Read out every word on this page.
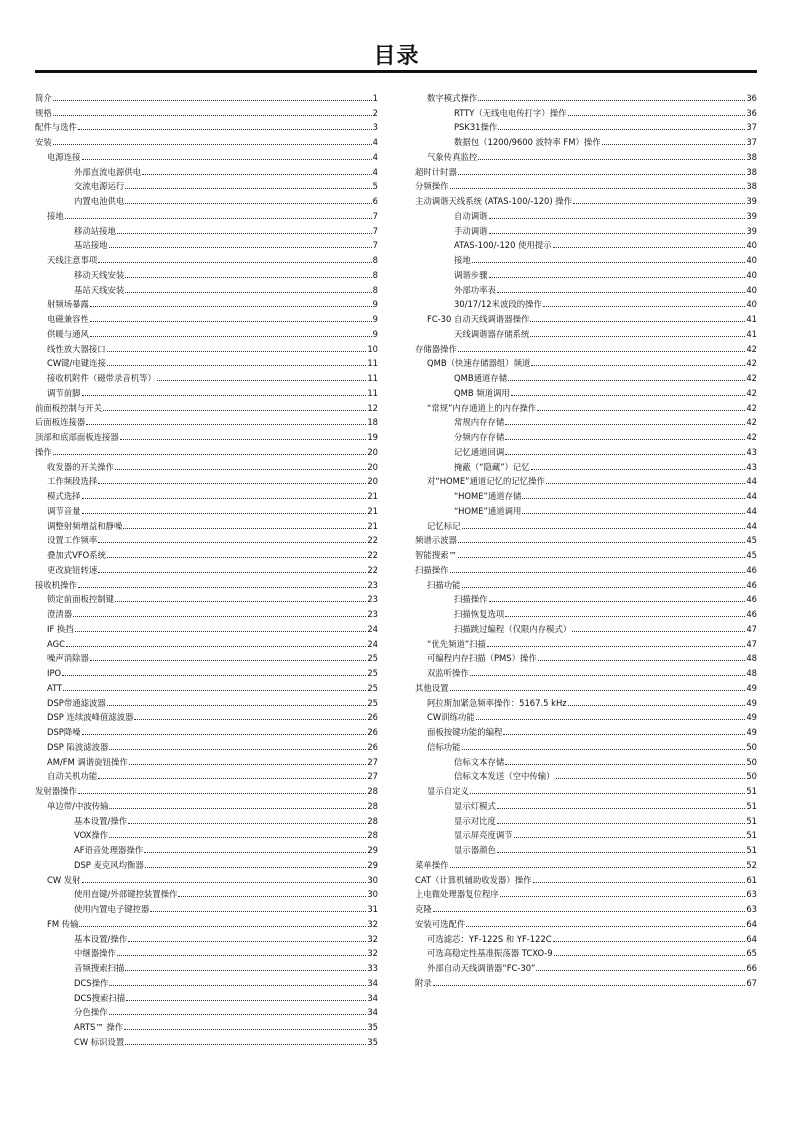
目录
简介	1
规格	2
配件与选件	3
安装	4
电源连接	4
外部直流电源供电	4
交流电源运行	5
内置电池供电	6
接地	7
移动站接地	7
基站接地	7
天线注意事项	8
移动天线安装	8
基站天线安装	8
射频场暴露	9
电磁兼容性	9
供暖与通风	9
线性放大器接口	10
CW键/电键连接	11
接收机附件（磁带录音机等）	11
调节前脚	11
前面板控制与开关	12
后面板连接器	18
顶部和底部面板连接器	19
操作	20
收发器的开关操作	20
工作频段选择	20
模式选择	21
调节音量	21
调整射频增益和静噪	21
设置工作频率	22
叠加式VFO系统	22
更改旋钮转速	22
接收机操作	23
锁定前面板控制键	23
澄清器	23
IF 换挡	24
AGC	24
噪声消除器	25
IPO	25
ATT	25
DSP带通滤波器	25
DSP 连续波峰值滤波器	26
DSP降噪	26
DSP 陷波滤波器	26
AM/FM 调谐旋钮操作	27
自动关机功能	27
发射器操作	28
单边带/中波传输	28
基本设置/操作	28
VOX操作	28
AF语音处理器操作	29
DSP 麦克风均衡器	29
CW 发射	30
使用直键/外部键控装置操作	30
使用内置电子键控器	31
FM 传输	32
基本设置/操作	32
中继器操作	32
音频搜索扫描	33
DCS操作	34
DCS搜索扫描	34
分色操作	34
ARTS™ 操作	35
CW 标识设置	35
数字模式操作	36
RTTY（无线电电传打字）操作	36
PSK31操作	37
数据包（1200/9600 波特率 FM）操作	37
气象传真监控	38
超时计时器	38
分频操作	38
主动调谐天线系统 (ATAS-100/-120) 操作	39
自动调谐	39
手动调谐	39
ATAS-100/-120 使用提示	40
接地	40
调谐步骤	40
外部功率表	40
30/17/12米波段的操作	40
FC-30 自动天线调谐器操作	41
天线调谐器存储系统	41
存储器操作	42
QMB（快速存储器组）频道	42
QMB通道存储	42
QMB 频道调用	42
“常规”内存通道上的内存操作	42
常规内存存储	42
分频内存存储	42
记忆通道回调	43
掩蔽（“隐藏”）记忆	43
对“HOME”通道记忆的记忆操作	44
“HOME”通道存储	44
“HOME”通道调用	44
记忆标记	44
频谱示波器	45
智能搜索™	45
扫描操作	46
扫描功能	46
扫描操作	46
扫描恢复选项	46
扫描跳过编程（仅限内存模式）	47
“优先频道”扫描	47
可编程内存扫描（PMS）操作	48
双监听操作	48
其他设置	49
阿拉斯加紧急频率操作：5167.5 kHz	49
CW训练功能	49
面板按键功能的编程	49
信标功能	50
信标文本存储	50
信标文本发送（空中传输）	50
显示自定义	51
显示灯模式	51
显示对比度	51
显示屏亮度调节	51
显示器颜色	51
菜单操作	52
CAT（计算机辅助收发器）操作	61
上电微处理器复位程序	63
克隆	63
安装可选配件	64
可选滤芯：YF-122S 和 YF-122C	64
可选高稳定性基准振荡器 TCXO-9	65
外部自动天线调谐器“FC-30”	66
附录	67
